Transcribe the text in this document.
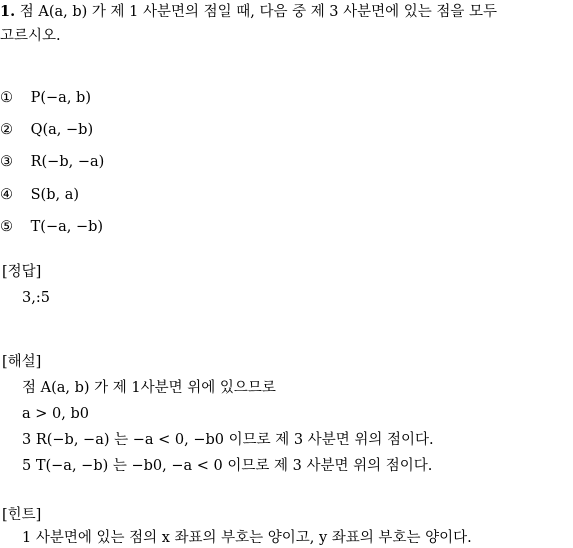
1. 점 A(a, b) 가 제 1 사분면의 점일 때, 다음 중 제 3 사분면에 있는 점을 모두
고르시오.
① P(−a, b)
② Q(a, −b)
③ R(−b, −a)
④ S(b, a)
⑤ T(−a, −b)
[정답]
3,:5
[해설]
점 A(a, b) 가 제 1사분면 위에 있으므로
a > 0, b0
3 R(−b, −a) 는 −a < 0, −b0 이므로 제 3 사분면 위의 점이다.
5 T(−a, −b) 는 −b0, −a < 0 이므로 제 3 사분면 위의 점이다.
[힌트]
1 사분면에 있는 점의 x 좌표의 부호는 양이고, y 좌표의 부호는 양이다.
